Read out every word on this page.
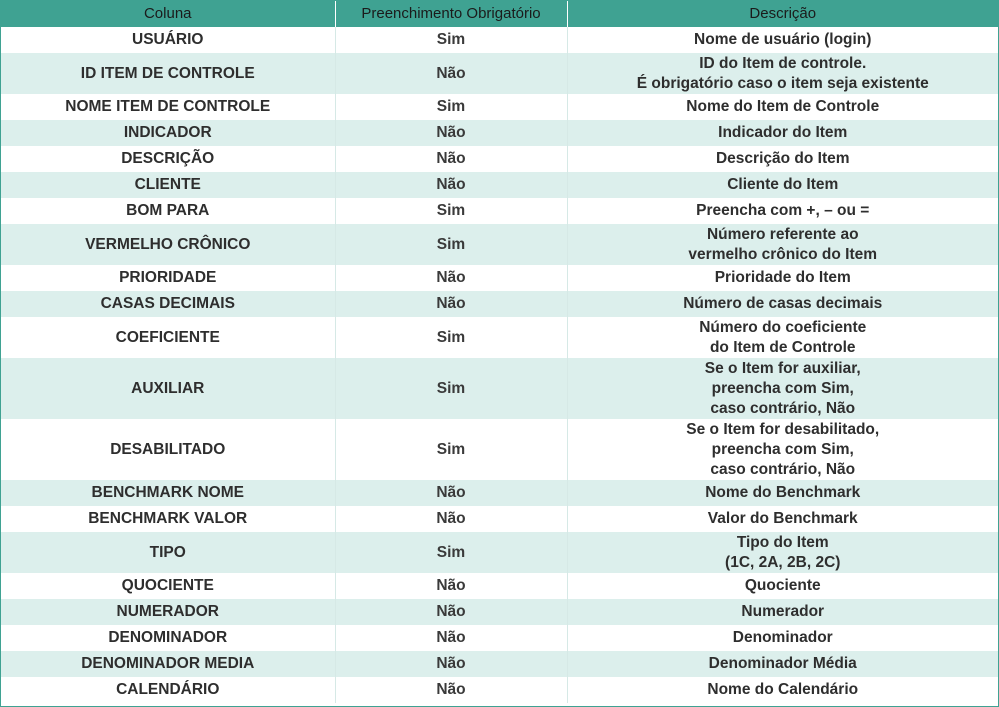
Coluna	Preenchimento Obrigatório	Descrição
USUÁRIO	Sim	Nome de usuário (login)
ID ITEM DE CONTROLE	Não	ID do Item de controle.
É obrigatório caso o item seja existente
NOME ITEM DE CONTROLE	Sim	Nome do Item de Controle
INDICADOR	Não	Indicador do Item
DESCRIÇÃO	Não	Descrição do Item
CLIENTE	Não	Cliente do Item
BOM PARA	Sim	Preencha com +, – ou =
VERMELHO CRÔNICO	Sim	Número referente ao
vermelho crônico do Item
PRIORIDADE	Não	Prioridade do Item
CASAS DECIMAIS	Não	Número de casas decimais
COEFICIENTE	Sim	Número do coeficiente
do Item de Controle
AUXILIAR	Sim	Se o Item for auxiliar,
preencha com Sim,
caso contrário, Não
DESABILITADO	Sim	Se o Item for desabilitado,
preencha com Sim,
caso contrário, Não
BENCHMARK NOME	Não	Nome do Benchmark
BENCHMARK VALOR	Não	Valor do Benchmark
TIPO	Sim	Tipo do Item
(1C, 2A, 2B, 2C)
QUOCIENTE	Não	Quociente
NUMERADOR	Não	Numerador
DENOMINADOR	Não	Denominador
DENOMINADOR MEDIA	Não	Denominador Média
CALENDÁRIO	Não	Nome do Calendário
